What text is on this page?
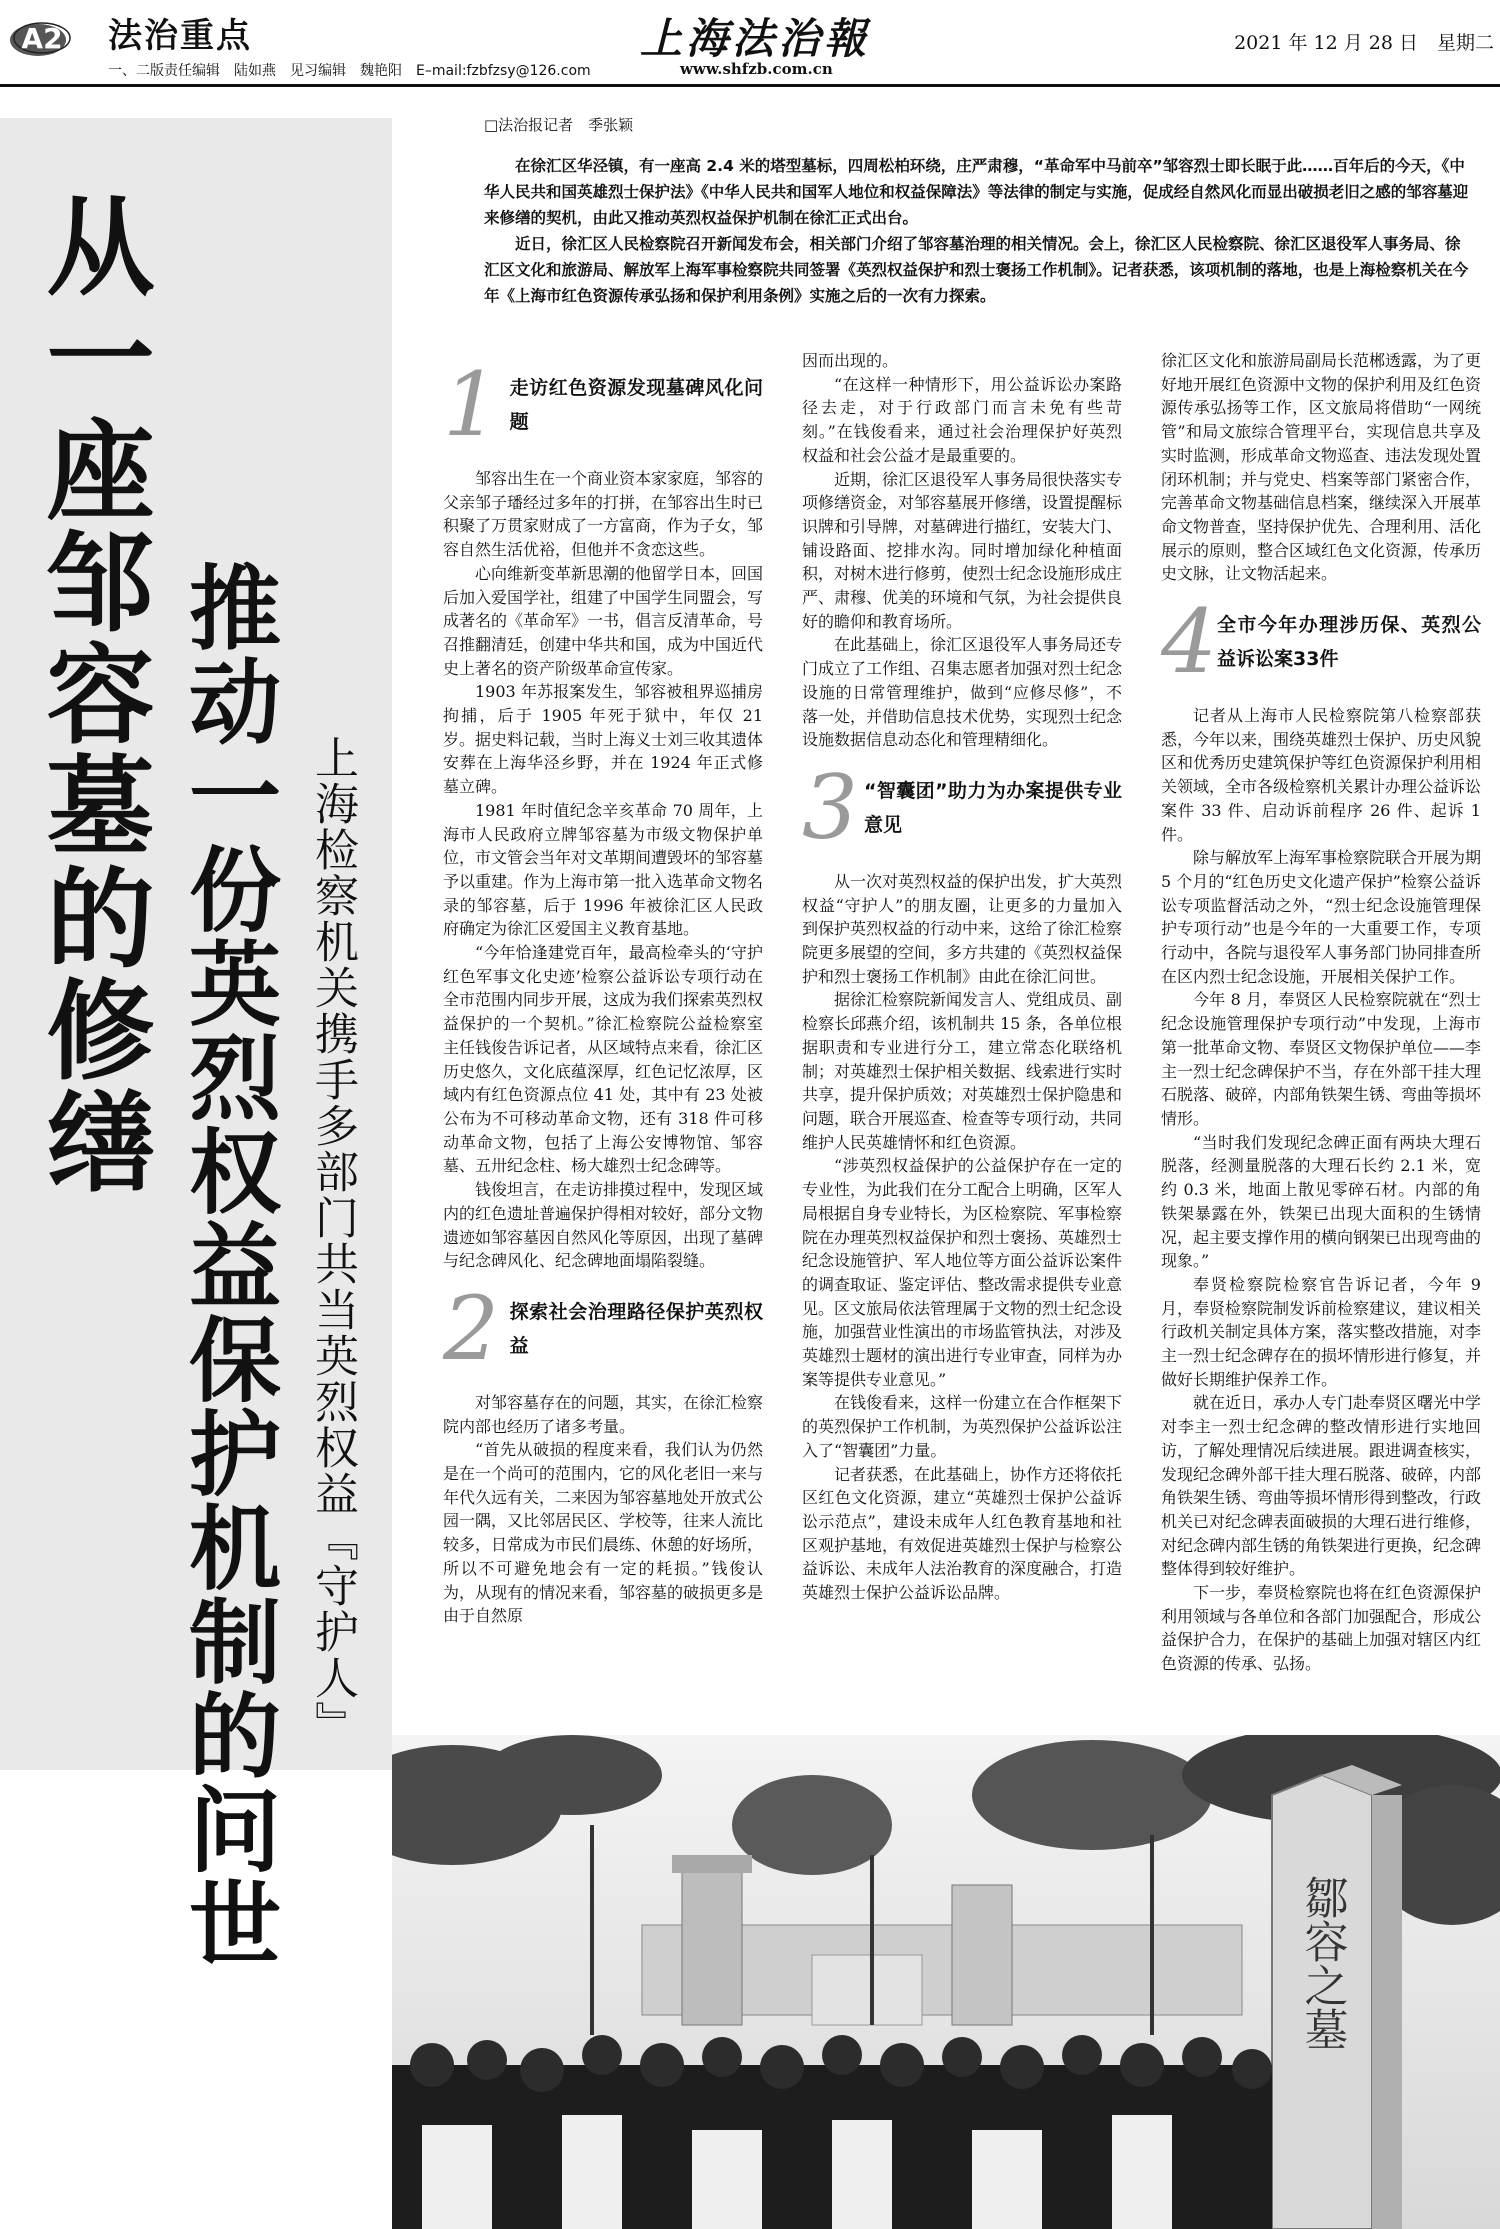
A2 法治重点
一、二版责任编辑　陆如燕　见习编辑　魏艳阳　E–mail:fzbfzsy@126.com
上海法治報
www.shfzb.com.cn
2021 年 12 月 28 日　星期二
从一座邹容墓的修缮 推动一份英烈权益保护机制的问世 上海检察机关携手多部门共当英烈权益『守护人』
□法治报记者　季张颖

在徐汇区华泾镇，有一座高 2.4 米的塔型墓标，四周松柏环绕，庄严肃穆，“革命军中马前卒”邹容烈士即长眠于此……百年后的今天，《中华人民共和国英雄烈士保护法》《中华人民共和国军人地位和权益保障法》等法律的制定与实施，促成经自然风化而显出破损老旧之感的邹容墓迎来修缮的契机，由此又推动英烈权益保护机制在徐汇正式出台。

近日，徐汇区人民检察院召开新闻发布会，相关部门介绍了邹容墓治理的相关情况。会上，徐汇区人民检察院、徐汇区退役军人事务局、徐汇区文化和旅游局、解放军上海军事检察院共同签署《英烈权益保护和烈士褒扬工作机制》。记者获悉，该项机制的落地，也是上海检察机关在今年《上海市红色资源传承弘扬和保护利用条例》实施之后的一次有力探索。

1 走访红色资源发现墓碑风化问题

邹容出生在一个商业资本家家庭，邹容的父亲邹子璠经过多年的打拼，在邹容出生时已积聚了万贯家财成了一方富商，作为子女，邹容自然生活优裕，但他并不贪恋这些。

心向维新变革新思潮的他留学日本，回国后加入爱国学社，组建了中国学生同盟会，写成著名的《革命军》一书，倡言反清革命，号召推翻清廷，创建中华共和国，成为中国近代史上著名的资产阶级革命宣传家。

1903 年苏报案发生，邹容被租界巡捕房拘捕，后于 1905 年死于狱中，年仅 21 岁。据史料记载，当时上海义士刘三收其遗体安葬在上海华泾乡野，并在 1924 年正式修墓立碑。

1981 年时值纪念辛亥革命 70 周年，上海市人民政府立牌邹容墓为市级文物保护单位，市文管会当年对文革期间遭毁坏的邹容墓予以重建。作为上海市第一批入选革命文物名录的邹容墓，后于 1996 年被徐汇区人民政府确定为徐汇区爱国主义教育基地。

“今年恰逢建党百年，最高检牵头的‘守护红色军事文化史迹’检察公益诉讼专项行动在全市范围内同步开展，这成为我们探索英烈权益保护的一个契机。”徐汇检察院公益检察室主任钱俊告诉记者，从区域特点来看，徐汇区历史悠久，文化底蕴深厚，红色记忆浓厚，区域内有红色资源点位 41 处，其中有 23 处被公布为不可移动革命文物，还有 318 件可移动革命文物，包括了上海公安博物馆、邹容墓、五卅纪念柱、杨大雄烈士纪念碑等。

钱俊坦言，在走访排摸过程中，发现区域内的红色遗址普遍保护得相对较好，部分文物遗迹如邹容墓因自然风化等原因，出现了墓碑与纪念碑风化、纪念碑地面塌陷裂缝。

2 探索社会治理路径保护英烈权益

对邹容墓存在的问题，其实，在徐汇检察院内部也经历了诸多考量。

“首先从破损的程度来看，我们认为仍然是在一个尚可的范围内，它的风化老旧一来与年代久远有关，二来因为邹容墓地处开放式公园一隅，又比邻居民区、学校等，往来人流比较多，日常成为市民们晨练、休憩的好场所，所以不可避免地会有一定的耗损。”钱俊认为，从现有的情况来看，邹容墓的破损更多是由于自然原

因而出现的。

“在这样一种情形下，用公益诉讼办案路径去走，对于行政部门而言未免有些苛刻。”在钱俊看来，通过社会治理保护好英烈权益和社会公益才是最重要的。

近期，徐汇区退役军人事务局很快落实专项修缮资金，对邹容墓展开修缮，设置提醒标识牌和引导牌，对墓碑进行描红，安装大门、铺设路面、挖排水沟。同时增加绿化种植面积，对树木进行修剪，使烈士纪念设施形成庄严、肃穆、优美的环境和气氛，为社会提供良好的瞻仰和教育场所。

在此基础上，徐汇区退役军人事务局还专门成立了工作组、召集志愿者加强对烈士纪念设施的日常管理维护，做到“应修尽修”，不落一处，并借助信息技术优势，实现烈士纪念设施数据信息动态化和管理精细化。

3 “智囊团”助力为办案提供专业意见

从一次对英烈权益的保护出发，扩大英烈权益“守护人”的朋友圈，让更多的力量加入到保护英烈权益的行动中来，这给了徐汇检察院更多展望的空间，多方共建的《英烈权益保护和烈士褒扬工作机制》由此在徐汇问世。

据徐汇检察院新闻发言人、党组成员、副检察长邱燕介绍，该机制共 15 条，各单位根据职责和专业进行分工，建立常态化联络机制；对英雄烈士保护相关数据、线索进行实时共享，提升保护质效；对英雄烈士保护隐患和问题，联合开展巡查、检查等专项行动，共同维护人民英雄情怀和红色资源。

“涉英烈权益保护的公益保护存在一定的专业性，为此我们在分工配合上明确，区军人局根据自身专业特长，为区检察院、军事检察院在办理英烈权益保护和烈士褒扬、英雄烈士纪念设施管护、军人地位等方面公益诉讼案件的调查取证、鉴定评估、整改需求提供专业意见。区文旅局依法管理属于文物的烈士纪念设施，加强营业性演出的市场监管执法，对涉及英雄烈士题材的演出进行专业审查，同样为办案等提供专业意见。”

在钱俊看来，这样一份建立在合作框架下的英烈保护工作机制，为英烈保护公益诉讼注入了“智囊团”力量。

记者获悉，在此基础上，协作方还将依托区红色文化资源，建立“英雄烈士保护公益诉讼示范点”，建设未成年人红色教育基地和社区观护基地，有效促进英雄烈士保护与检察公益诉讼、未成年人法治教育的深度融合，打造英雄烈士保护公益诉讼品牌。

徐汇区文化和旅游局副局长范郴透露，为了更好地开展红色资源中文物的保护利用及红色资源传承弘扬等工作，区文旅局将借助“一网统管”和局文旅综合管理平台，实现信息共享及实时监测，形成革命文物巡查、违法发现处置闭环机制；并与党史、档案等部门紧密合作，完善革命文物基础信息档案，继续深入开展革命文物普查，坚持保护优先、合理利用、活化展示的原则，整合区域红色文化资源，传承历史文脉，让文物活起来。

4 全市今年办理涉历保、英烈公益诉讼案33件

记者从上海市人民检察院第八检察部获悉，今年以来，围绕英雄烈士保护、历史风貌区和优秀历史建筑保护等红色资源保护利用相关领域，全市各级检察机关累计办理公益诉讼案件 33 件、启动诉前程序 26 件、起诉 1 件。

除与解放军上海军事检察院联合开展为期 5 个月的“红色历史文化遗产保护”检察公益诉讼专项监督活动之外，“烈士纪念设施管理保护专项行动”也是今年的一大重要工作，专项行动中，各院与退役军人事务部门协同排查所在区内烈士纪念设施，开展相关保护工作。

今年 8 月，奉贤区人民检察院就在“烈士纪念设施管理保护专项行动”中发现，上海市第一批革命文物、奉贤区文物保护单位——李主一烈士纪念碑保护不当，存在外部干挂大理石脱落、破碎，内部角铁架生锈、弯曲等损坏情形。

“当时我们发现纪念碑正面有两块大理石脱落，经测量脱落的大理石长约 2.1 米，宽约 0.3 米，地面上散见零碎石材。内部的角铁架暴露在外，铁架已出现大面积的生锈情况，起主要支撑作用的横向钢架已出现弯曲的现象。”

奉贤检察院检察官告诉记者，今年 9 月，奉贤检察院制发诉前检察建议，建议相关行政机关制定具体方案，落实整改措施，对李主一烈士纪念碑存在的损坏情形进行修复，并做好长期维护保养工作。

就在近日，承办人专门赴奉贤区曙光中学对李主一烈士纪念碑的整改情形进行实地回访，了解处理情况后续进展。跟进调查核实，发现纪念碑外部干挂大理石脱落、破碎，内部角铁架生锈、弯曲等损坏情形得到整改，行政机关已对纪念碑表面破损的大理石进行维修，对纪念碑内部生锈的角铁架进行更换，纪念碑整体得到较好维护。

下一步，奉贤检察院也将在红色资源保护利用领域与各单位和各部门加强配合，形成公益保护合力，在保护的基础上加强对辖区内红色资源的传承、弘扬。

鄒容之墓
